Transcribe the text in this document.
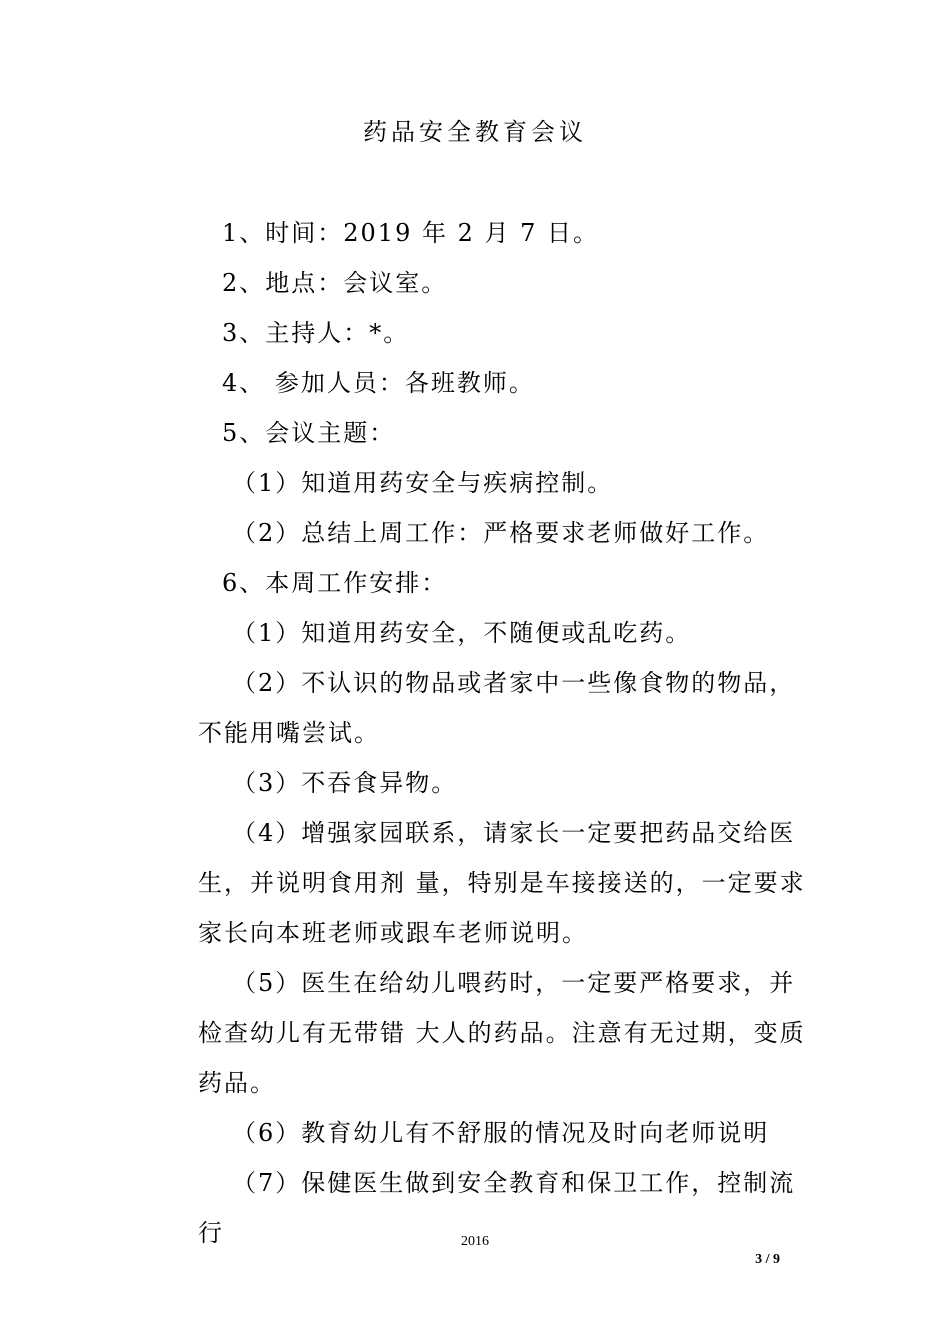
药品安全教育会议

1、时间：2019 年 2 月 7 日。

2、地点：会议室。

3、主持人：*。

4、 参加人员：各班教师。

5、会议主题：

（1）知道用药安全与疾病控制。

（2）总结上周工作：严格要求老师做好工作。

6、本周工作安排：

（1）知道用药安全，不随便或乱吃药。

（2）不认识的物品或者家中一些像食物的物品，不能用嘴尝试。

（3）不吞食异物。

（4）增强家园联系，请家长一定要把药品交给医生，并说明食用剂 量，特别是车接接送的，一定要求家长向本班老师或跟车老师说明。

（5）医生在给幼儿喂药时，一定要严格要求，并检查幼儿有无带错 大人的药品。注意有无过期，变质药品。

（6）教育幼儿有不舒服的情况及时向老师说明

（7）保健医生做到安全教育和保卫工作，控制流行	2016
3 / 9
